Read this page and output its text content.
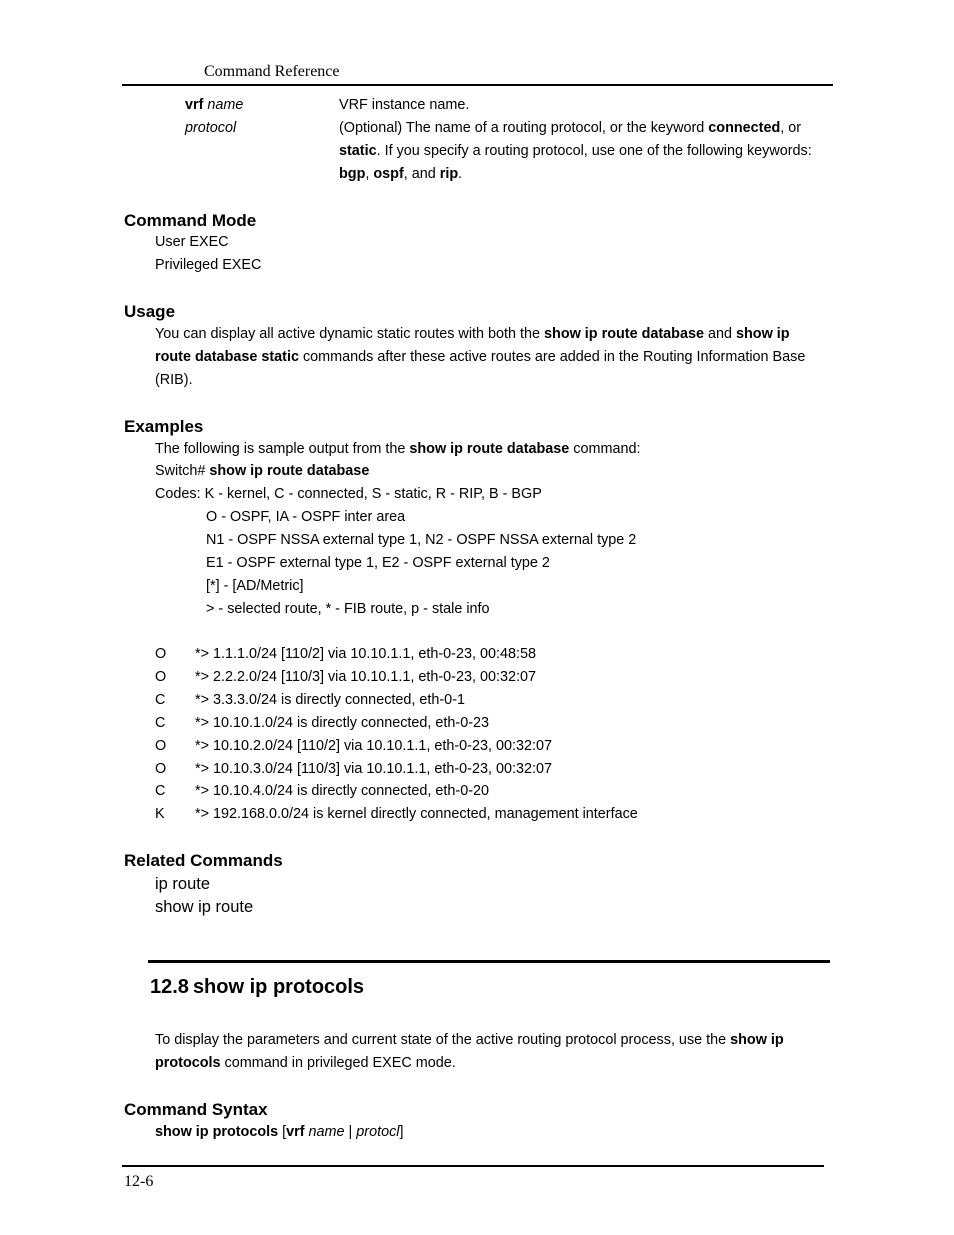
Command Reference
vrf name	VRF instance name.
protocol	(Optional) The name of a routing protocol, or the keyword connected, or
static. If you specify a routing protocol, use one of the following keywords:
bgp, ospf, and rip.
Command Mode
User EXEC
Privileged EXEC
Usage
You can display all active dynamic static routes with both the show ip route database and show ip
route database static commands after these active routes are added in the Routing Information Base
(RIB).
Examples
The following is sample output from the show ip route database command:
Switch# show ip route database
Codes: K - kernel, C - connected, S - static, R - RIP, B - BGP
O - OSPF, IA - OSPF inter area
N1 - OSPF NSSA external type 1, N2 - OSPF NSSA external type 2
E1 - OSPF external type 1, E2 - OSPF external type 2
[*] - [AD/Metric]
> - selected route, * - FIB route, p - stale info
O *> 1.1.1.0/24 [110/2] via 10.10.1.1, eth-0-23, 00:48:58
O *> 2.2.2.0/24 [110/3] via 10.10.1.1, eth-0-23, 00:32:07
C *> 3.3.3.0/24 is directly connected, eth-0-1
C *> 10.10.1.0/24 is directly connected, eth-0-23
O *> 10.10.2.0/24 [110/2] via 10.10.1.1, eth-0-23, 00:32:07
O *> 10.10.3.0/24 [110/3] via 10.10.1.1, eth-0-23, 00:32:07
C *> 10.10.4.0/24 is directly connected, eth-0-20
K *> 192.168.0.0/24 is kernel directly connected, management interface
Related Commands
ip route
show ip route
12.8 show ip protocols
To display the parameters and current state of the active routing protocol process, use the show ip
protocols command in privileged EXEC mode.
Command Syntax
show ip protocols [vrf name | protocl]
12-6
